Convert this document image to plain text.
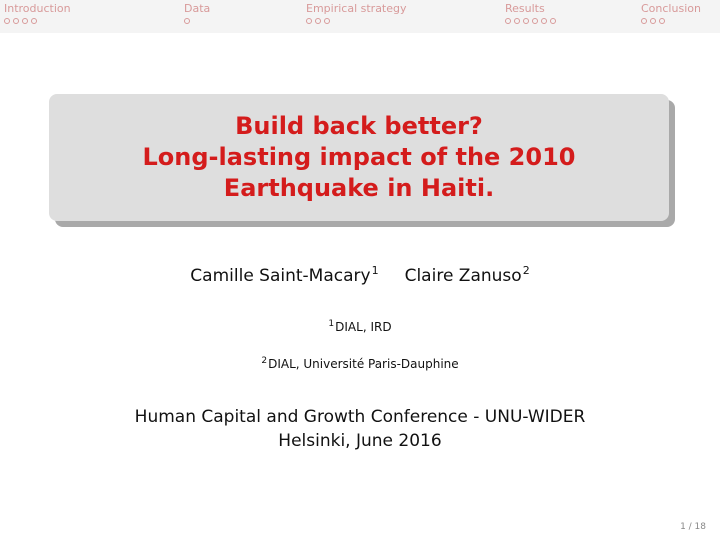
Introduction	Data	Empirical strategy	Results	Conclusion
Build back better?
Long-lasting impact of the 2010
Earthquake in Haiti.
Camille Saint-Macary$^1$ Claire Zanuso$^2$
$^1$DIAL, IRD
$^2$DIAL, Université Paris-Dauphine
Human Capital and Growth Conference - UNU-WIDER
Helsinki, June 2016
1 / 18
